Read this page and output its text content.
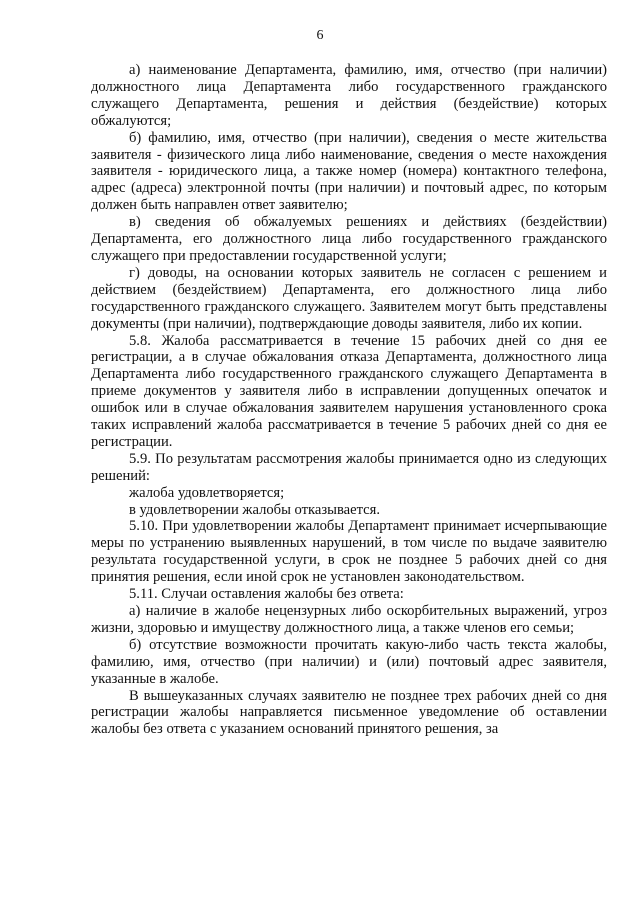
6

а) наименование Департамента, фамилию, имя, отчество (при наличии) должностного лица Департамента либо государственного гражданского служащего Департамента, решения и действия (бездействие) которых обжалуются;

б) фамилию, имя, отчество (при наличии), сведения о месте жительства заявителя - физического лица либо наименование, сведения о месте нахождения заявителя - юридического лица, а также номер (номера) контактного телефона, адрес (адреса) электронной почты (при наличии) и почтовый адрес, по которым должен быть направлен ответ заявителю;

в) сведения об обжалуемых решениях и действиях (бездействии) Департамента, его должностного лица либо государственного гражданского служащего при предоставлении государственной услуги;

г) доводы, на основании которых заявитель не согласен с решением и действием (бездействием) Департамента, его должностного лица либо государственного гражданского служащего. Заявителем могут быть представлены документы (при наличии), подтверждающие доводы заявителя, либо их копии.

5.8. Жалоба рассматривается в течение 15 рабочих дней со дня ее регистрации, а в случае обжалования отказа Департамента, должностного лица Департамента либо государственного гражданского служащего Департамента в приеме документов у заявителя либо в исправлении допущенных опечаток и ошибок или в случае обжалования заявителем нарушения установленного срока таких исправлений жалоба рассматривается в течение 5 рабочих дней со дня ее регистрации.

5.9. По результатам рассмотрения жалобы принимается одно из следующих решений:

жалоба удовлетворяется;

в удовлетворении жалобы отказывается.

5.10. При удовлетворении жалобы Департамент принимает исчерпывающие меры по устранению выявленных нарушений, в том числе по выдаче заявителю результата государственной услуги, в срок не позднее 5 рабочих дней со дня принятия решения, если иной срок не установлен законодательством.

5.11. Случаи оставления жалобы без ответа:

а) наличие в жалобе нецензурных либо оскорбительных выражений, угроз жизни, здоровью и имуществу должностного лица, а также членов его семьи;

б) отсутствие возможности прочитать какую-либо часть текста жалобы, фамилию, имя, отчество (при наличии) и (или) почтовый адрес заявителя, указанные в жалобе.

В вышеуказанных случаях заявителю не позднее трех рабочих дней со дня регистрации жалобы направляется письменное уведомление об оставлении жалобы без ответа с указанием оснований принятого решения, за
